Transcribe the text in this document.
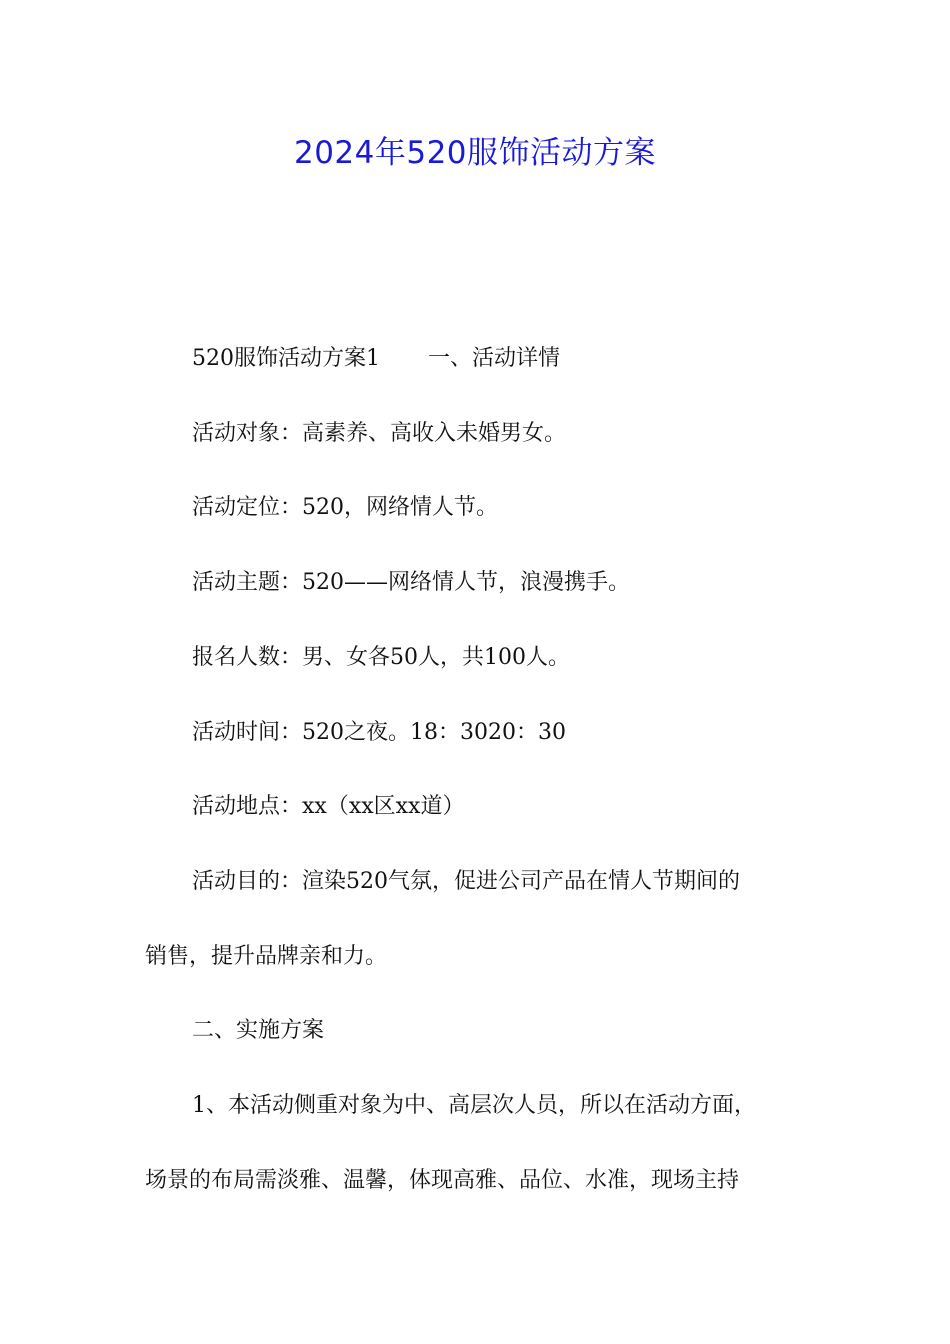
2024年520服饰活动方案
520服饰活动方案1 一、活动详情
活动对象：高素养、高收入未婚男女。
活动定位：520，网络情人节。
活动主题：520——网络情人节，浪漫携手。
报名人数：男、女各50人，共100人。
活动时间：520之夜。18：3020：30
活动地点：xx（xx区xx道）
活动目的：渲染520气氛，促进公司产品在情人节期间的
销售，提升品牌亲和力。
二、实施方案
1、本活动侧重对象为中、高层次人员，所以在活动方面，
场景的布局需淡雅、温馨，体现高雅、品位、水准，现场主持
